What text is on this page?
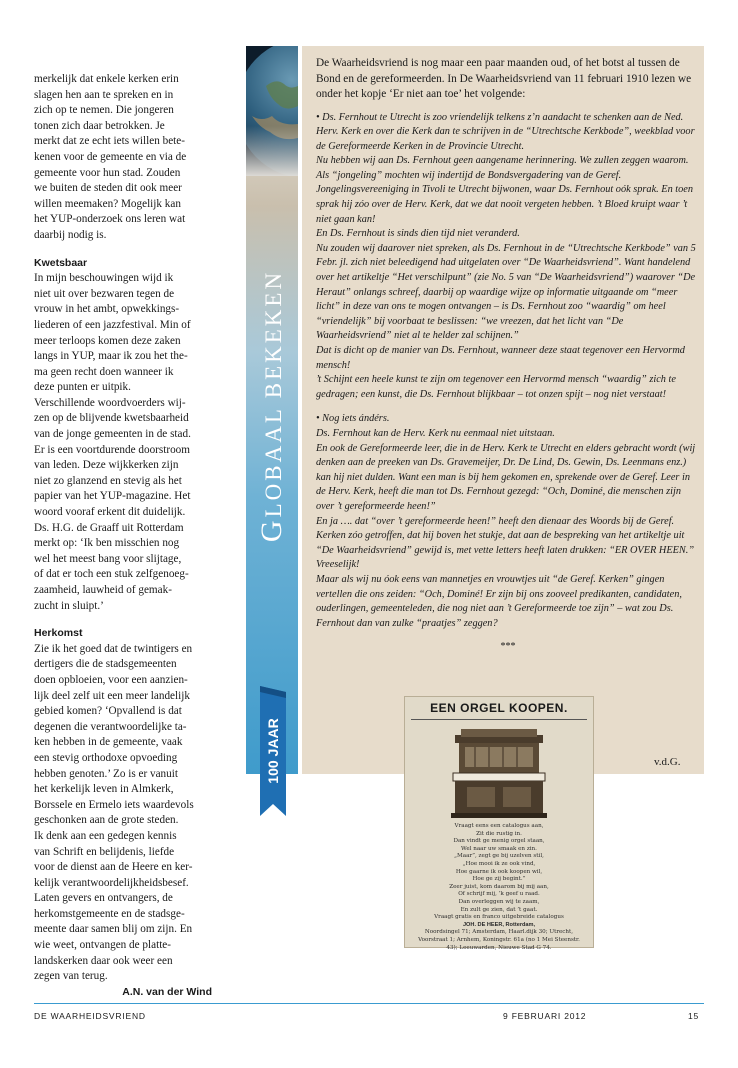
merkelijk dat enkele kerken erin
slagen hen aan te spreken en in
zich op te nemen. Die jongeren
tonen zich daar betrokken. Je
merkt dat ze echt iets willen bete-
kenen voor de gemeente en via de
gemeente voor hun stad. Zouden
we buiten de steden dit ook meer
willen meemaken? Mogelijk kan
het YUP-onderzoek ons leren wat
daarbij nodig is.

Kwetsbaar

In mijn beschouwingen wijd ik
niet uit over bezwaren tegen de
vrouw in het ambt, opwekkings-
liederen of een jazzfestival. Min of
meer terloops komen deze zaken
langs in YUP, maar ik zou het the-
ma geen recht doen wanneer ik
deze punten er uitpik.
Verschillende woordvoerders wij-
zen op de blijvende kwetsbaarheid
van de jonge gemeenten in de stad.
Er is een voortdurende doorstroom
van leden. Deze wijkkerken zijn
niet zo glanzend en stevig als het
papier van het YUP-magazine. Het
woord vooraf erkent dit duidelijk.
Ds. H.G. de Graaff uit Rotterdam
merkt op: ‘Ik ben misschien nog
wel het meest bang voor slijtage,
of dat er toch een stuk zelfgenoeg-
zaamheid, lauwheid of gemak-
zucht in sluipt.’

Herkomst

Zie ik het goed dat de twintigers en
dertigers die de stadsgemeenten
doen opbloeien, voor een aanzien-
lijk deel zelf uit een meer landelijk
gebied komen? ‘Opvallend is dat
degenen die verantwoordelijke ta-
ken hebben in de gemeente, vaak
een stevig orthodoxe opvoeding
hebben genoten.’ Zo is er vanuit
het kerkelijk leven in Almkerk,
Borssele en Ermelo iets waardevols
geschonken aan de grote steden.
Ik denk aan een gedegen kennis
van Schrift en belijdenis, liefde
voor de dienst aan de Heere en ker-
kelijk verantwoordelijkheidsbesef.
Laten gevers en ontvangers, de
herkomstgemeente en de stadsge-
meente daar samen blij om zijn. En
wie weet, ontvangen de platte-
landskerken daar ook weer een
zegen van terug.

A.N. van der Wind
GLOBAAL BEKEKEN
100 JAAR

De Waarheidsvriend is nog maar een paar maanden oud, of het botst al tussen de Bond en de gereformeerden. In De Waarheidsvriend van 11 februari 1910 lezen we onder het kopje ‘Er niet aan toe’ het volgende:

• Ds. Fernhout te Utrecht is zoo vriendelijk telkens z’n aandacht te schenken aan de Ned. Herv. Kerk en over die Kerk dan te schrijven in de “Utrechtsche Kerkbode”, weekblad voor de Gereformeerde Kerken in de Provincie Utrecht.
Nu hebben wij aan Ds. Fernhout geen aangename herinnering. We zullen zeggen waarom. Als “jongeling” mochten wij indertijd de Bondsvergadering van de Geref. Jongelingsvereeniging in Tivoli te Utrecht bijwonen, waar Ds. Fernhout oók sprak. En toen sprak hij zóo over de Herv. Kerk, dat we dat nooit vergeten hebben. ’t Bloed kruipt waar ’t niet gaan kan!
En Ds. Fernhout is sinds dien tijd niet veranderd.
Nu zouden wij daarover niet spreken, als Ds. Fernhout in de “Utrechtsche Kerkbode” van 5 Febr. jl. zich niet beleedigend had uitgelaten over “De Waarheidsvriend”. Want handelend over het artikeltje “Het verschilpunt” (zie No. 5 van “De Waarheidsvriend”) waarover “De Heraut” onlangs schreef, daarbij op waardige wijze op informatie uitgaande om “meer licht” in deze van ons te mogen ontvangen – is Ds. Fernhout zoo “waardig” om heel “vriendelijk” bij voorbaat te beslissen: “we vreezen, dat het licht van “De Waarheidsvriend” niet al te helder zal schijnen.”
Dat is dicht op de manier van Ds. Fernhout, wanneer deze staat tegenover een Hervormd mensch!
’t Schijnt een heele kunst te zijn om tegenover een Hervormd mensch “waardig” zich te gedragen; een kunst, die Ds. Fernhout blijkbaar – tot onzen spijt – nog niet verstaat!
• Nog iets ándérs.
Ds. Fernhout kan de Herv. Kerk nu eenmaal niet uitstaan.
En ook de Gereformeerde leer, die in de Herv. Kerk te Utrecht en elders gebracht wordt (wij denken aan de preeken van Ds. Gravemeijer, Dr. De Lind, Ds. Gewin, Ds. Leenmans enz.) kan hij niet dulden. Want een man is bij hem gekomen en, sprekende over de Geref. Leer in de Herv. Kerk, heeft die man tot Ds. Fernhout gezegd: “Och, Dominé, die menschen zijn over ’t gereformeerde heen!”
En ja …. dat “over ’t gereformeerde heen!” heeft den dienaar des Woords bij de Geref. Kerken zóo getroffen, dat hij boven het stukje, dat aan de bespreking van het artikeltje uit “De Waarheidsvriend” gewijd is, met vette letters heeft laten drukken: “ER OVER HEEN.”
Vreeselijk!
Maar als wij nu óok eens van mannetjes en vrouwtjes uit “de Geref. Kerken” gingen vertellen die ons zeiden: “Och, Dominé! Er zijn bij ons zooveel predikanten, candidaten, ouderlingen, gemeenteleden, die nog niet aan ’t Gereformeerde toe zijn” – wat zou Ds. Fernhout dan van zulke “praatjes” zeggen?
***
EEN ORGEL KOOPEN.
Vraagt eens een catalogus aan,
Zit die rustig in.
Dan vindt ge menig orgel staan,
Wel naar uw smaak en zin.
„Maar”, zegt ge bij uzelven stil,
„Hoe mooi ik ze ook vind,
Hoe gaarne ik ook koopen wil,
Hoe ge zij begint.”
Zeer juist, kom daarom bij mij aan,
Of schrijf mij, ’k geef u raad.
Dan overleggen wij te zaam,
En zult ge zien, dat ’t gaat.
Vraagt gratis en franco uitgebreide catalogus
JOH. DE HEER, Rotterdam,
Noordsingel 71; Amsterdam, Haarl.dijk 30; Utrecht, Voorstraat 1; Arnhem, Koningstr. 61a (no 1 Mei Steenstr. 43); Leeuwarden, Nieuwe Stad G 74.
v.d.G.
DE WAARHEIDSVRIEND	9 FEBRUARI 2012	15
